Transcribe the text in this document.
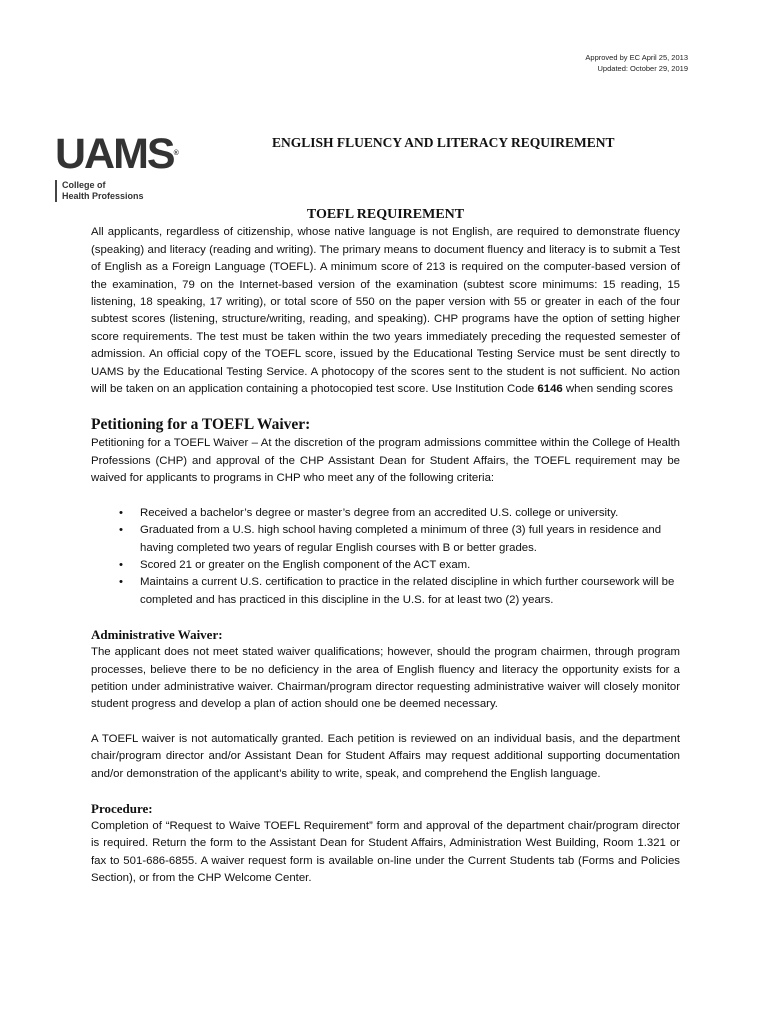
Approved by EC April 25, 2013
Updated: October 29, 2019
UAMS®
College of
Health Professions
ENGLISH FLUENCY AND LITERACY REQUIREMENT
TOEFL REQUIREMENT

All applicants, regardless of citizenship, whose native language is not English, are required to demonstrate fluency (speaking) and literacy (reading and writing). The primary means to document fluency and literacy is to submit a Test of English as a Foreign Language (TOEFL). A minimum score of 213 is required on the computer-based version of the examination, 79 on the Internet-based version of the examination (subtest score minimums: 15 reading, 15 listening, 18 speaking, 17 writing), or total score of 550 on the paper version with 55 or greater in each of the four subtest scores (listening, structure/writing, reading, and speaking). CHP programs have the option of setting higher score requirements. The test must be taken within the two years immediately preceding the requested semester of admission. An official copy of the TOEFL score, issued by the Educational Testing Service must be sent directly to UAMS by the Educational Testing Service. A photocopy of the scores sent to the student is not sufficient. No action will be taken on an application containing a photocopied test score. Use Institution Code 6146 when sending scores

Petitioning for a TOEFL Waiver:

Petitioning for a TOEFL Waiver – At the discretion of the program admissions committee within the College of Health Professions (CHP) and approval of the CHP Assistant Dean for Student Affairs, the TOEFL requirement may be waived for applicants to programs in CHP who meet any of the following criteria:

• Received a bachelor’s degree or master’s degree from an accredited U.S. college or university.
• Graduated from a U.S. high school having completed a minimum of three (3) full years in residence and having completed two years of regular English courses with B or better grades.
• Scored 21 or greater on the English component of the ACT exam.
• Maintains a current U.S. certification to practice in the related discipline in which further coursework will be completed and has practiced in this discipline in the U.S. for at least two (2) years.
Administrative Waiver:

The applicant does not meet stated waiver qualifications; however, should the program chairmen, through program processes, believe there to be no deficiency in the area of English fluency and literacy the opportunity exists for a petition under administrative waiver. Chairman/program director requesting administrative waiver will closely monitor student progress and develop a plan of action should one be deemed necessary.

A TOEFL waiver is not automatically granted. Each petition is reviewed on an individual basis, and the department chair/program director and/or Assistant Dean for Student Affairs may request additional supporting documentation and/or demonstration of the applicant’s ability to write, speak, and comprehend the English language.

Procedure:

Completion of “Request to Waive TOEFL Requirement” form and approval of the department chair/program director is required. Return the form to the Assistant Dean for Student Affairs, Administration West Building, Room 1.321 or fax to 501-686-6855. A waiver request form is available on-line under the Current Students tab (Forms and Policies Section), or from the CHP Welcome Center.
